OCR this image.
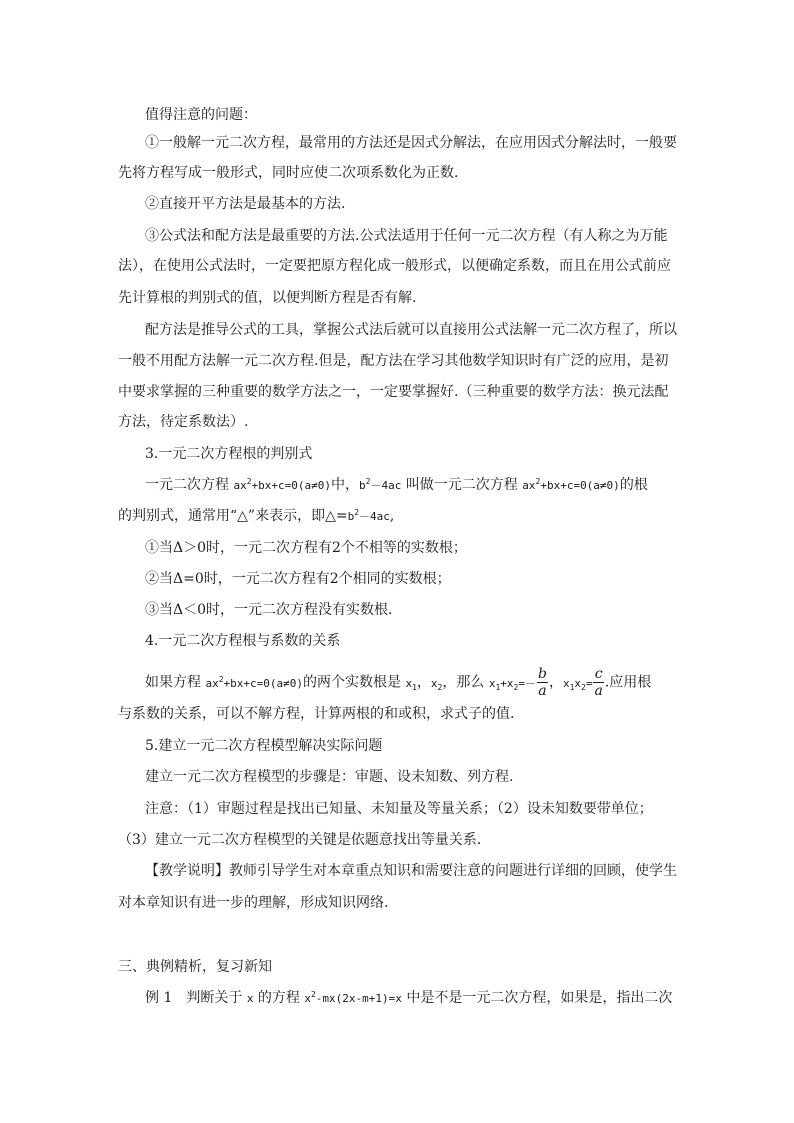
值得注意的问题：
①一般解一元二次方程，最常用的方法还是因式分解法，在应用因式分解法时，一般要
先将方程写成一般形式，同时应使二次项系数化为正数.
②直接开平方法是最基本的方法.
③公式法和配方法是最重要的方法.公式法适用于任何一元二次方程（有人称之为万能
法），在使用公式法时，一定要把原方程化成一般形式，以便确定系数，而且在用公式前应
先计算根的判别式的值，以便判断方程是否有解.
配方法是推导公式的工具，掌握公式法后就可以直接用公式法解一元二次方程了，所以
一般不用配方法解一元二次方程.但是，配方法在学习其他数学知识时有广泛的应用，是初
中要求掌握的三种重要的数学方法之一，一定要掌握好.（三种重要的数学方法：换元法配
方法，待定系数法）.
3.一元二次方程根的判别式
一元二次方程 $ax^2+bx+c=0(a\ne 0)$中，$b^2-4ac$ 叫做一元二次方程 $ax^2+bx+c=0(a\ne 0)$的根
的判别式，通常用“△”来表示，即$\triangle=b^2-4ac$,
①当Δ＞0时，一元二次方程有2个不相等的实数根；
②当Δ=0时，一元二次方程有2个相同的实数根；
③当Δ＜0时，一元二次方程没有实数根.
4.一元二次方程根与系数的关系
如果方程 $ax^2+bx+c=0(a\ne 0)$的两个实数根是 $x_1$，$x_2$，那么 $x_1+x_2=- \frac{b}{a}$ ，$x_1x_2= \frac{c}{a}$ .应用根
与系数的关系，可以不解方程，计算两根的和或积，求式子的值.
5.建立一元二次方程模型解决实际问题
建立一元二次方程模型的步骤是：审题、设未知数、列方程.
注意：（1）审题过程是找出已知量、未知量及等量关系；（2）设未知数要带单位；
（3）建立一元二次方程模型的关键是依题意找出等量关系.
【教学说明】教师引导学生对本章重点知识和需要注意的问题进行详细的回顾，使学生
对本章知识有进一步的理解，形成知识网络.
三、典例精析，复习新知
例 1 判断关于 x 的方程 $x^2-mx(2x-m+1)=x$ 中是不是一元二次方程，如果是，指出二次
